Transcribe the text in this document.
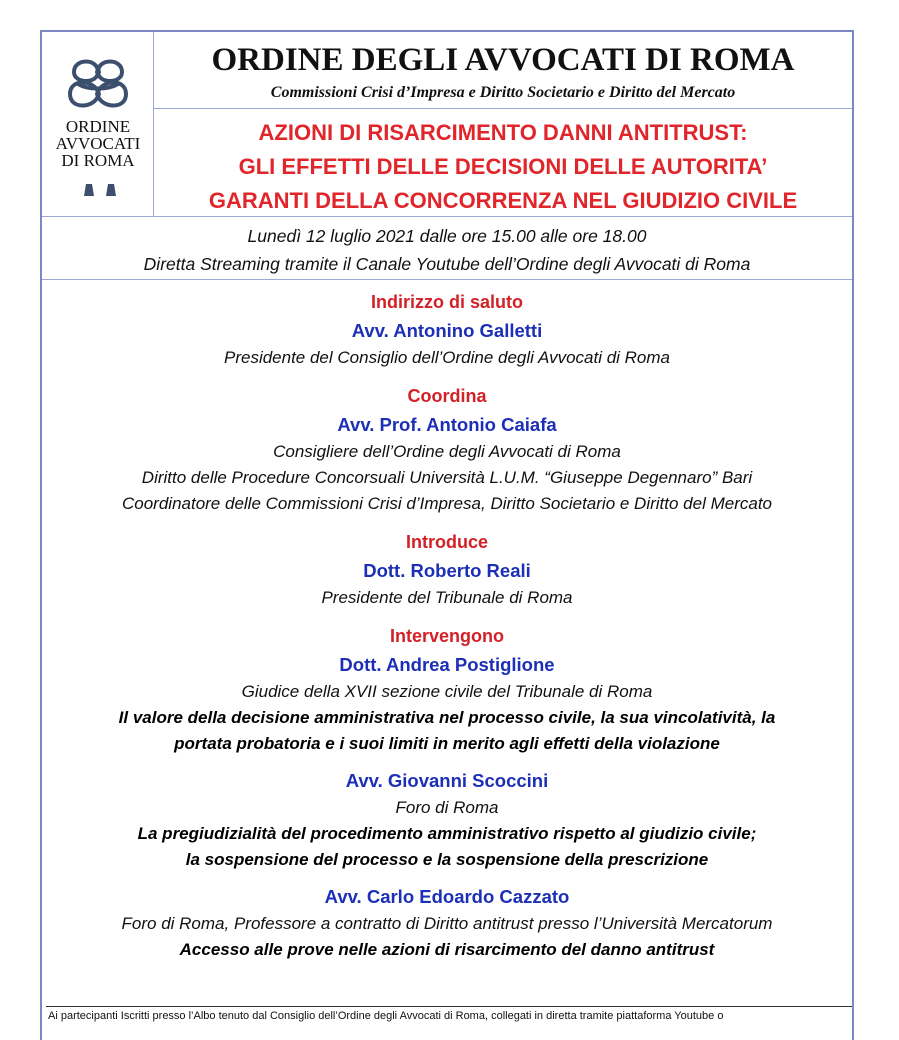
ORDINE
AVVOCATI
DI ROMA
ORDINE DEGLI AVVOCATI DI ROMA
Commissioni Crisi d’Impresa e Diritto Societario e Diritto del Mercato
AZIONI DI RISARCIMENTO DANNI ANTITRUST:
GLI EFFETTI DELLE DECISIONI DELLE AUTORITA’
GARANTI DELLA CONCORRENZA NEL GIUDIZIO CIVILE
Lunedì 12 luglio 2021 dalle ore 15.00 alle ore 18.00
Diretta Streaming tramite il Canale Youtube dell’Ordine degli Avvocati di Roma
Indirizzo di saluto
Avv. Antonino Galletti
Presidente del Consiglio dell’Ordine degli Avvocati di Roma
Coordina
Avv. Prof. Antonio Caiafa
Consigliere dell’Ordine degli Avvocati di Roma
Diritto delle Procedure Concorsuali Università L.U.M. “Giuseppe Degennaro” Bari
Coordinatore delle Commissioni Crisi d’Impresa, Diritto Societario e Diritto del Mercato
Introduce
Dott. Roberto Reali
Presidente del Tribunale di Roma
Intervengono
Dott. Andrea Postiglione
Giudice della XVII sezione civile del Tribunale di Roma
Il valore della decisione amministrativa nel processo civile, la sua vincolatività, la
portata probatoria e i suoi limiti in merito agli effetti della violazione
Avv. Giovanni Scoccini
Foro di Roma
La pregiudizialità del procedimento amministrativo rispetto al giudizio civile;
la sospensione del processo e la sospensione della prescrizione
Avv. Carlo Edoardo Cazzato
Foro di Roma, Professore a contratto di Diritto antitrust presso l’Università Mercatorum
Accesso alle prove nelle azioni di risarcimento del danno antitrust
Ai partecipanti Iscritti presso l’Albo tenuto dal Consiglio dell’Ordine degli Avvocati di Roma, collegati in diretta tramite piattaforma Youtube o
